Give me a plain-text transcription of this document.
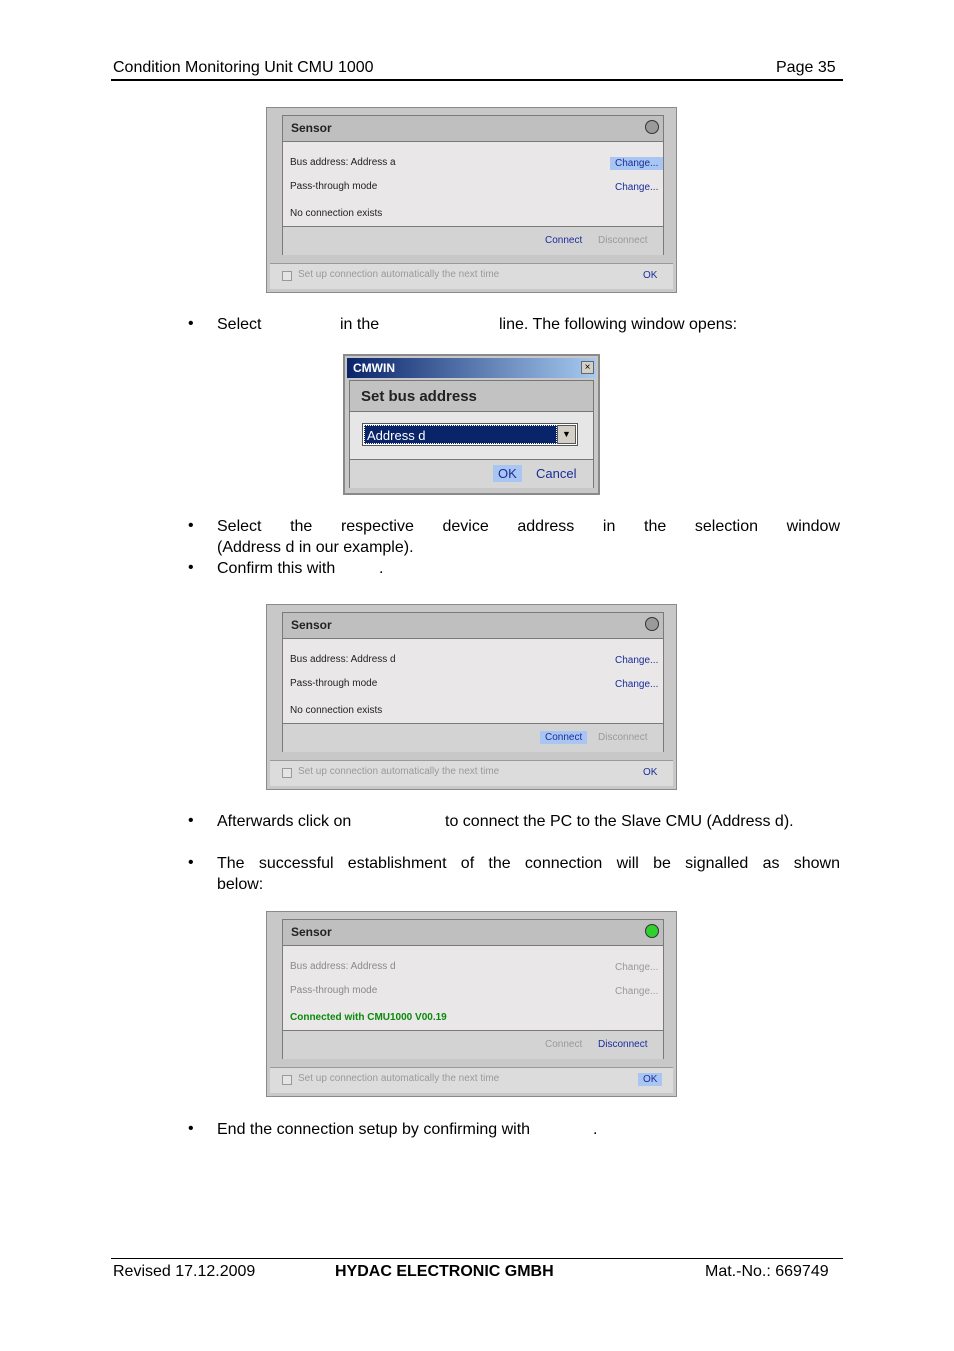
Condition Monitoring Unit CMU 1000	Page 35
Sensor
Bus address: Address a	Change...
Pass-through mode	Change...
No connection exists
Connect	Disconnect
Set up connection automatically the next time	OK
• Select	in the	line. The following window opens:
CMWIN	×
Set bus address
Address d	▼
OK	Cancel
• Select the respective device address in the selection window
(Address d in our example).
• Confirm this with	.
Sensor
Bus address: Address d	Change...
Pass-through mode	Change...
No connection exists
Connect	Disconnect
Set up connection automatically the next time	OK
• Afterwards click on	to connect the PC to the Slave CMU (Address d).
• The successful establishment of the connection will be signalled as shown
below:
Sensor
Bus address: Address d	Change...
Pass-through mode	Change...
Connected with CMU1000 V00.19
Connect	Disconnect
Set up connection automatically the next time	OK
• End the connection setup by confirming with	.
Revised 17.12.2009	HYDAC ELECTRONIC GMBH	Mat.-No.: 669749
